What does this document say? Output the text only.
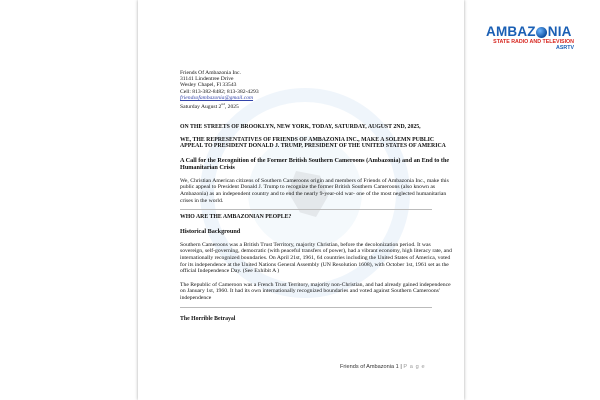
Friends Of Ambazonia Inc.
31141 Lindentree Drive
Wesley Chapel, Fl 33543
Cell: 813-382-8482; 813-382-4293
friendsofambazonia@gmail.com
Saturday August 2nd, 2025
ON THE STREETS OF BROOKLYN, NEW YORK, TODAY, SATURDAY, AUGUST 2ND, 2025,
WE, THE REPRESENTATIVES OF FRIENDS OF AMBAZONIA INC., MAKE A SOLEMN PUBLIC APPEAL TO PRESIDENT DONALD J. TRUMP, PRESIDENT OF THE UNITED STATES OF AMERICA
A Call for the Recognition of the Former British Southern Cameroons (Ambazonia) and an End to the Humanitarian Crisis
We, Christian American citizens of Southern Cameroons origin and members of Friends of Ambazonia Inc., make this public appeal to President Donald J. Trump to recognize the former British Southern Cameroons (also known as Ambazonia) as an independent country and to end the nearly 9-year-old war- one of the most neglected humanitarian crises in the world.
WHO ARE THE AMBAZONIAN PEOPLE?
Historical Background
Southern Cameroons was a British Trust Territory, majority Christian, before the decolonization period. It was sovereign, self-governing, democratic (with peaceful transfers of power), had a vibrant economy, high literacy rate, and internationally recognized boundaries. On April 21st, 1961, 64 countries including the United States of America, voted for its independence at the United Nations General Assembly (UN Resolution 1608), with October 1st, 1961 set as the official Independence Day. (See Exhibit A )
The Republic of Cameroon was a French Trust Territory, majority non-Christian, and had already gained independence on January 1st, 1960. It had its own internationally recognized boundaries and voted against Southern Cameroons' independence
The Horrible Betrayal
Friends of Ambazonia 1 | P a g e
AMBAZ NIA
STATE RADIO AND TELEVISION
ASRTV
